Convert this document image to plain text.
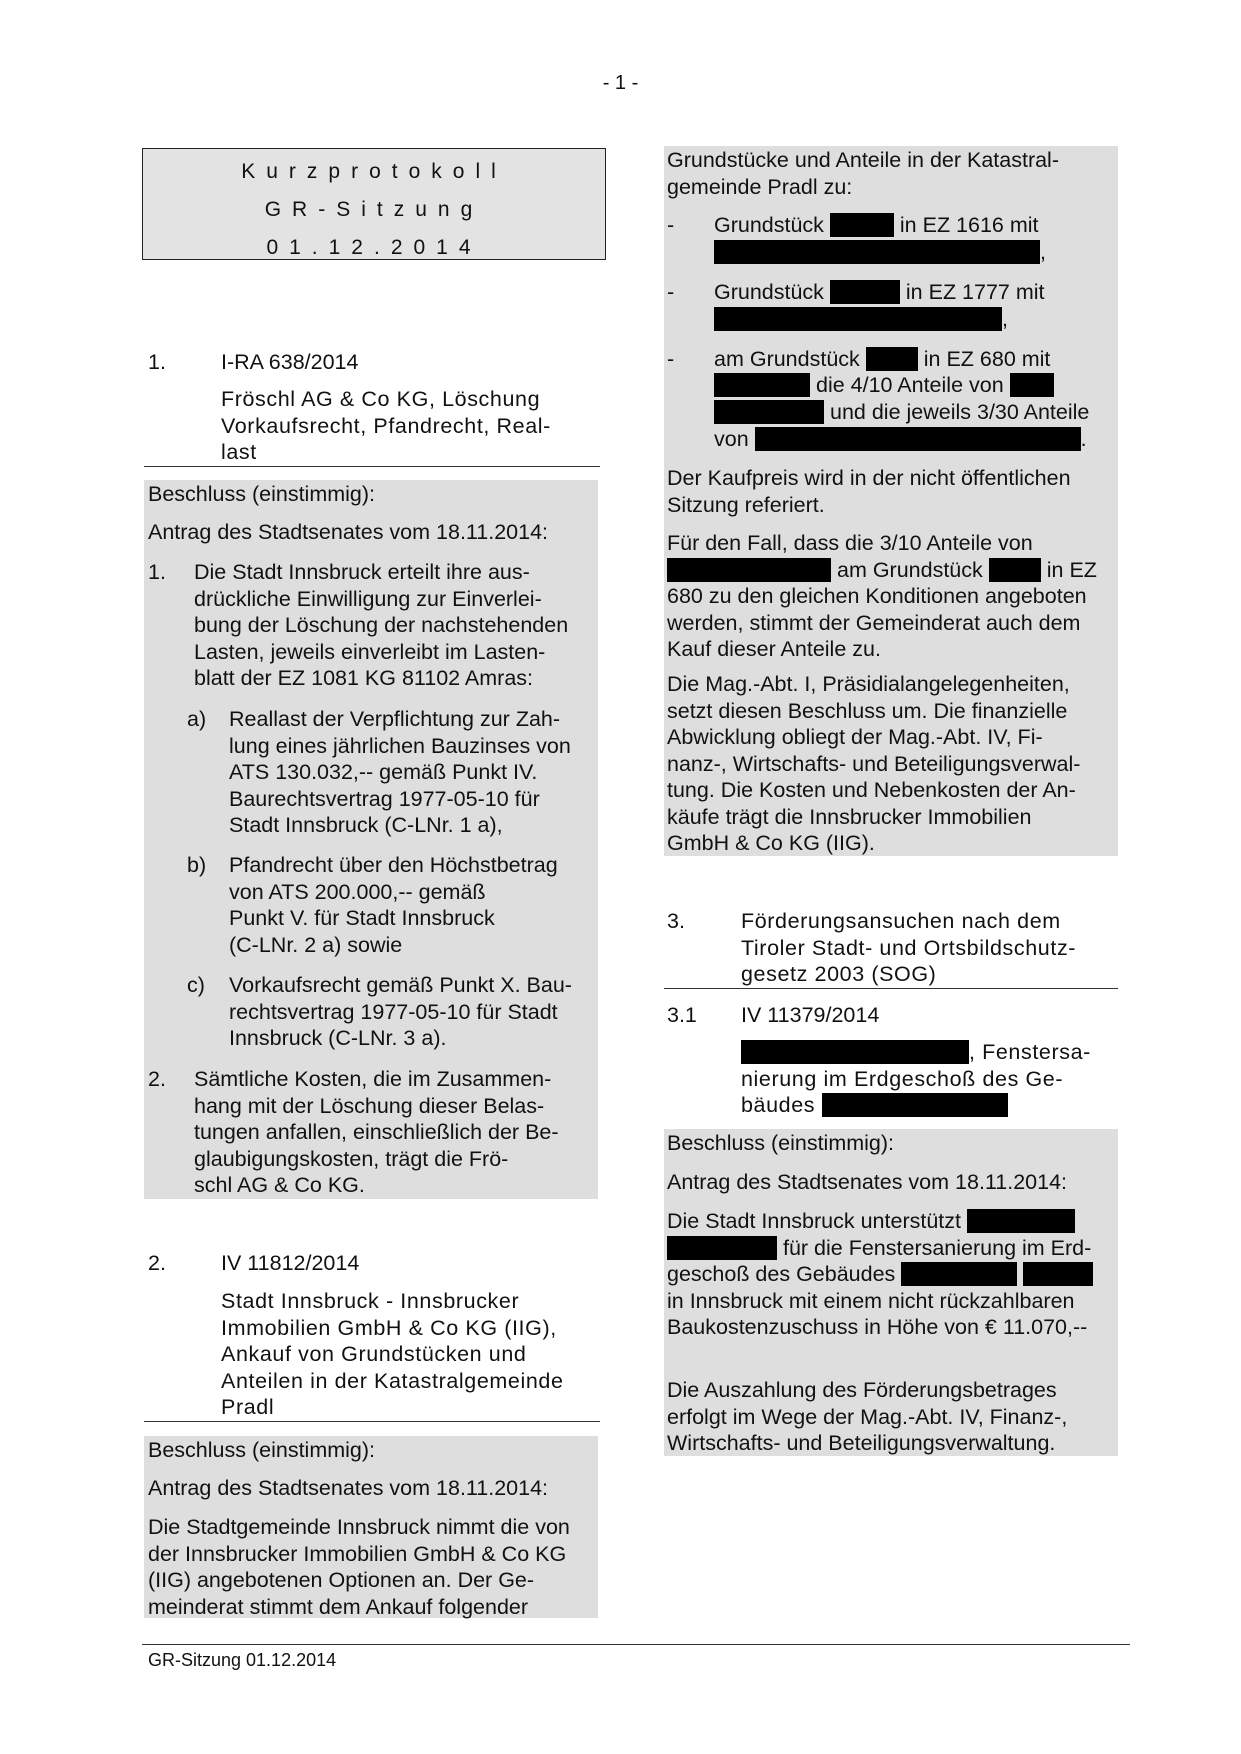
- 1 -
Kurzprotokoll
GR-Sitzung
01.12.2014
1.	I-RA 638/2014
Fröschl AG & Co KG, Löschung
Vorkaufsrecht, Pfandrecht, Real-
last
Beschluss (einstimmig):
Antrag des Stadtsenates vom 18.11.2014:
1. Die Stadt Innsbruck erteilt ihre aus-
drückliche Einwilligung zur Einverlei-
bung der Löschung der nachstehenden
Lasten, jeweils einverleibt im Lasten-
blatt der EZ 1081 KG 81102 Amras:
a) Reallast der Verpflichtung zur Zah-
lung eines jährlichen Bauzinses von
ATS 130.032,-- gemäß Punkt IV.
Baurechtsvertrag 1977-05-10 für
Stadt Innsbruck (C-LNr. 1 a),
b) Pfandrecht über den Höchstbetrag
von ATS 200.000,-- gemäß
Punkt V. für Stadt Innsbruck
(C-LNr. 2 a) sowie
c) Vorkaufsrecht gemäß Punkt X. Bau-
rechtsvertrag 1977-05-10 für Stadt
Innsbruck (C-LNr. 3 a).
2. Sämtliche Kosten, die im Zusammen-
hang mit der Löschung dieser Belas-
tungen anfallen, einschließlich der Be-
glaubigungskosten, trägt die Frö-
schl AG & Co KG.
2.	IV 11812/2014
Stadt Innsbruck - Innsbrucker
Immobilien GmbH & Co KG (IIG),
Ankauf von Grundstücken und
Anteilen in der Katastralgemeinde
Pradl
Beschluss (einstimmig):
Antrag des Stadtsenates vom 18.11.2014:
Die Stadtgemeinde Innsbruck nimmt die von
der Innsbrucker Immobilien GmbH & Co KG
(IIG) angebotenen Optionen an. Der Ge-
meinderat stimmt dem Ankauf folgender
Grundstücke und Anteile in der Katastral-
gemeinde Pradl zu:
- Grundstück	in EZ 1616 mit
,
- Grundstück	in EZ 1777 mit
,
- am Grundstück	in EZ 680 mit
die 4/10 Anteile von
und die jeweils 3/30 Anteile
von	.
Der Kaufpreis wird in der nicht öffentlichen
Sitzung referiert.
Für den Fall, dass die 3/10 Anteile von
am Grundstück	in EZ
680 zu den gleichen Konditionen angeboten
werden, stimmt der Gemeinderat auch dem
Kauf dieser Anteile zu.
Die Mag.-Abt. I, Präsidialangelegenheiten,
setzt diesen Beschluss um. Die finanzielle
Abwicklung obliegt der Mag.-Abt. IV, Fi-
nanz-, Wirtschafts- und Beteiligungsverwal-
tung. Die Kosten und Nebenkosten der An-
käufe trägt die Innsbrucker Immobilien
GmbH & Co KG (IIG).
3.	Förderungsansuchen nach dem
Tiroler Stadt- und Ortsbildschutz-
gesetz 2003 (SOG)
3.1 IV 11379/2014
, Fenstersa-
nierung im Erdgeschoß des Ge-
bäudes
Beschluss (einstimmig):
Antrag des Stadtsenates vom 18.11.2014:
Die Stadt Innsbruck unterstützt
für die Fenstersanierung im Erd-
geschoß des Gebäudes
in Innsbruck mit einem nicht rückzahlbaren
Baukostenzuschuss in Höhe von € 11.070,--
Die Auszahlung des Förderungsbetrages
erfolgt im Wege der Mag.-Abt. IV, Finanz-,
Wirtschafts- und Beteiligungsverwaltung.
GR-Sitzung 01.12.2014
